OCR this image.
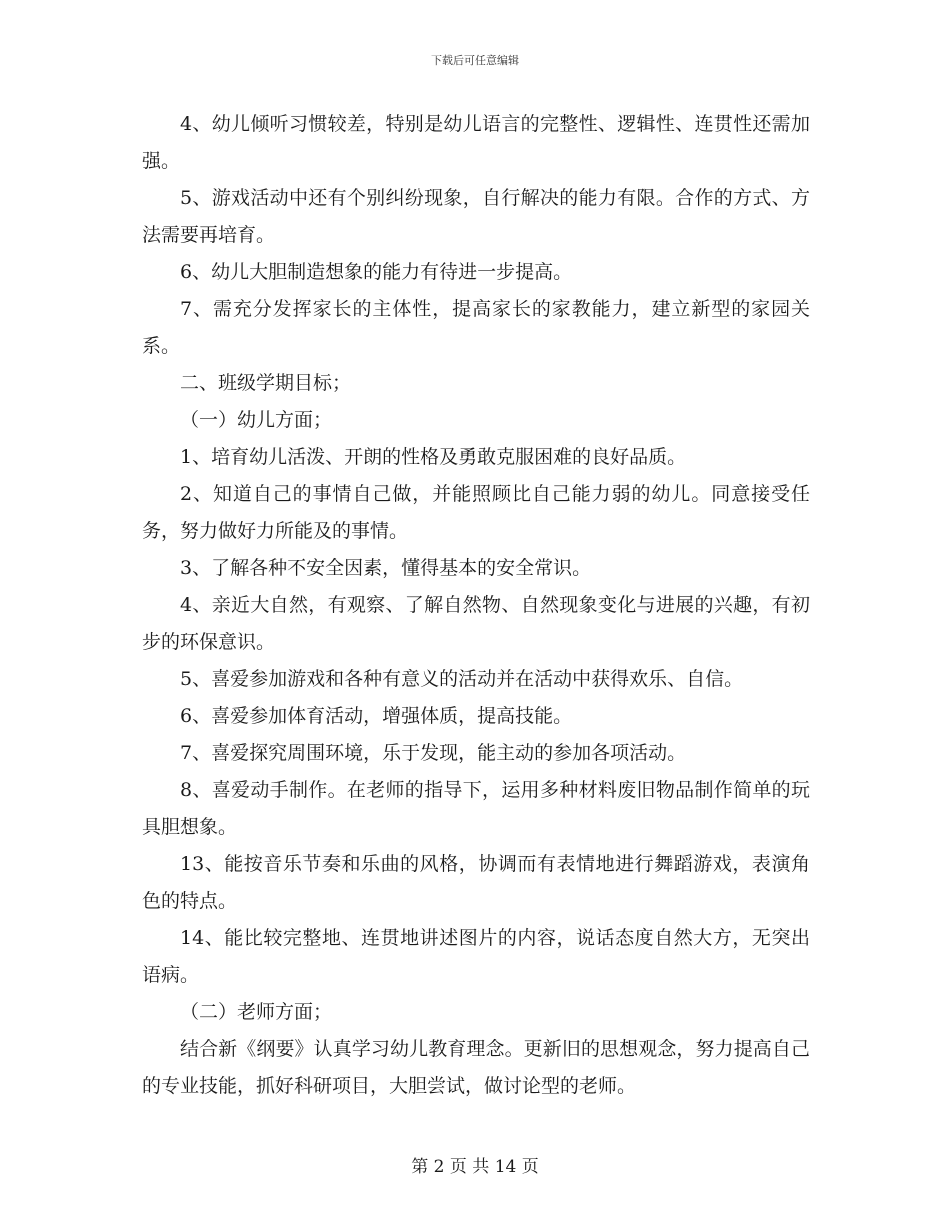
下载后可任意编辑

4、幼儿倾听习惯较差，特别是幼儿语言的完整性、逻辑性、连贯性还需加强。

5、游戏活动中还有个别纠纷现象，自行解决的能力有限。合作的方式、方法需要再培育。

6、幼儿大胆制造想象的能力有待进一步提高。

7、需充分发挥家长的主体性，提高家长的家教能力，建立新型的家园关系。

二、班级学期目标；

（一）幼儿方面；

1、培育幼儿活泼、开朗的性格及勇敢克服困难的良好品质。

2、知道自己的事情自己做，并能照顾比自己能力弱的幼儿。同意接受任务，努力做好力所能及的事情。

3、了解各种不安全因素，懂得基本的安全常识。

4、亲近大自然，有观察、了解自然物、自然现象变化与进展的兴趣，有初步的环保意识。

5、喜爱参加游戏和各种有意义的活动并在活动中获得欢乐、自信。

6、喜爱参加体育活动，增强体质，提高技能。

7、喜爱探究周围环境，乐于发现，能主动的参加各项活动。

8、喜爱动手制作。在老师的指导下，运用多种材料废旧物品制作简单的玩具胆想象。

13、能按音乐节奏和乐曲的风格，协调而有表情地进行舞蹈游戏，表演角色的特点。

14、能比较完整地、连贯地讲述图片的内容，说话态度自然大方，无突出语病。

（二）老师方面；

结合新《纲要》认真学习幼儿教育理念。更新旧的思想观念，努力提高自己的专业技能，抓好科研项目，大胆尝试，做讨论型的老师。

第 2 页 共 14 页
